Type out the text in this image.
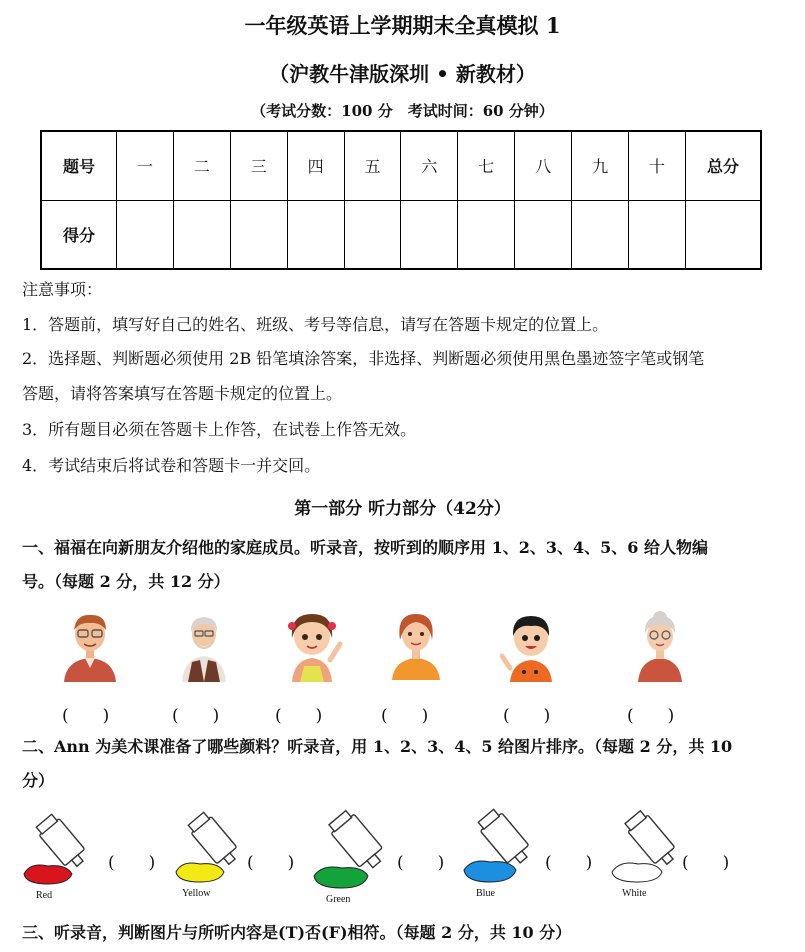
一年级英语上学期期末全真模拟 1
（沪教牛津版深圳 • 新教材）
（考试分数：100 分　考试时间：60 分钟）
题号	一	二	三	四	五	六	七	八	九	十	总分
得分											
注意事项：
1．答题前，填写好自己的姓名、班级、考号等信息，请写在答题卡规定的位置上。
2．选择题、判断题必须使用 2B 铅笔填涂答案，非选择、判断题必须使用黑色墨迹签字笔或钢笔
答题，请将答案填写在答题卡规定的位置上。
3．所有题目必须在答题卡上作答，在试卷上作答无效。
4．考试结束后将试卷和答题卡一并交回。
第一部分 听力部分（42分）
一、福福在向新朋友介绍他的家庭成员。听录音，按听到的顺序用 1、2、3、4、5、6 给人物编
号。（每题 2 分，共 12 分）
(　　)	(　　)	(　　)	(　　)	(　　)	(　　)
二、Ann 为美术课准备了哪些颜料？听录音，用 1、2、3、4、5 给图片排序。（每题 2 分，共 10
分）
Red	Yellow
Green
Blue	White
(　　)	(　　)	(　　)	(　　)	(　　)
三、听录音，判断图片与所听内容是(T)否(F)相符。（每题 2 分，共 10 分）
